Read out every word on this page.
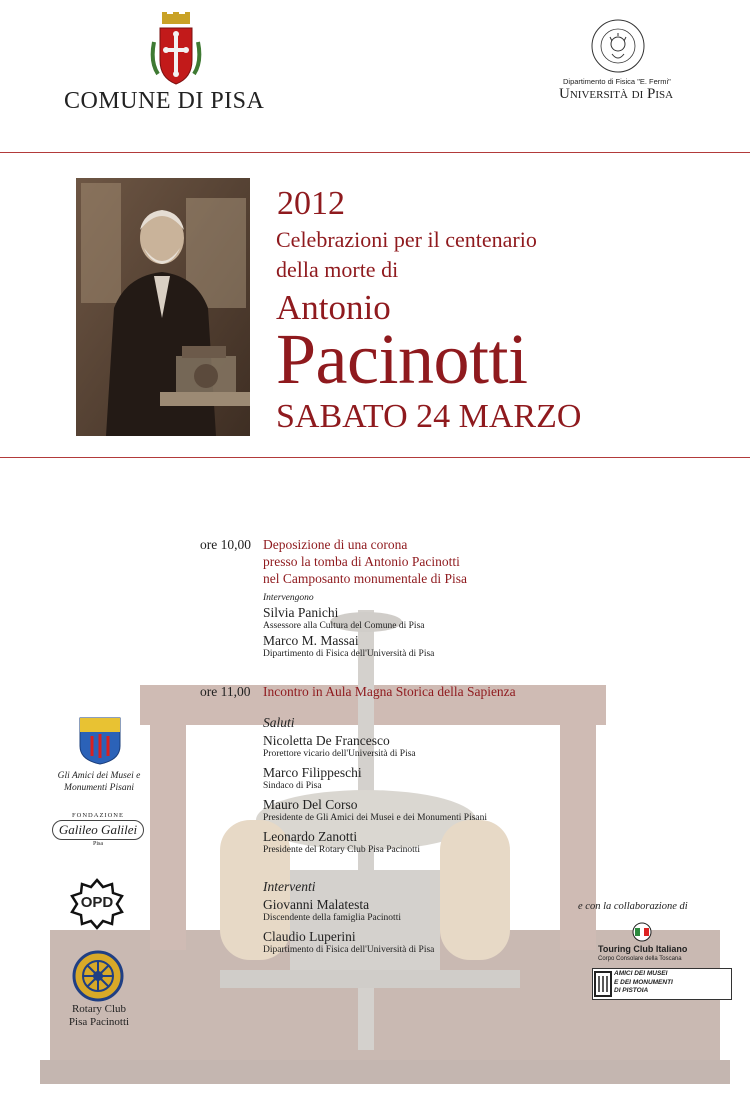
COMUNE DI PISA
Dipartimento di Fisica "E. Fermi"
Università di Pisa
2012
Celebrazioni per il centenario
della morte di
Antonio
Pacinotti
SABATO 24 MARZO
ore 10,00 Deposizione di una corona
presso la tomba di Antonio Pacinotti
nel Camposanto monumentale di Pisa
Intervengono
Silvia Panichi
Assessore alla Cultura del Comune di Pisa
Marco M. Massai
Dipartimento di Fisica dell'Università di Pisa
ore 11,00 Incontro in Aula Magna Storica della Sapienza
Saluti
Nicoletta De Francesco
Prorettore vicario dell'Università di Pisa
Marco Filippeschi
Sindaco di Pisa
Mauro Del Corso
Presidente de Gli Amici dei Musei e dei Monumenti Pisani
Leonardo Zanotti
Presidente del Rotary Club Pisa Pacinotti
Interventi
Giovanni Malatesta
Discendente della famiglia Pacinotti
Claudio Luperini
Dipartimento di Fisica dell'Università di Pisa
Gli Amici dei Musei e
Monumenti Pisani
FONDAZIONE
Galileo Galilei
Pisa
OPD
Rotary Club
Pisa Pacinotti
e con la collaborazione di
Touring Club Italiano
Corpo Consolare della Toscana
AMICI DEI MUSEI
E DEI MONUMENTI
DI PISTOIA
